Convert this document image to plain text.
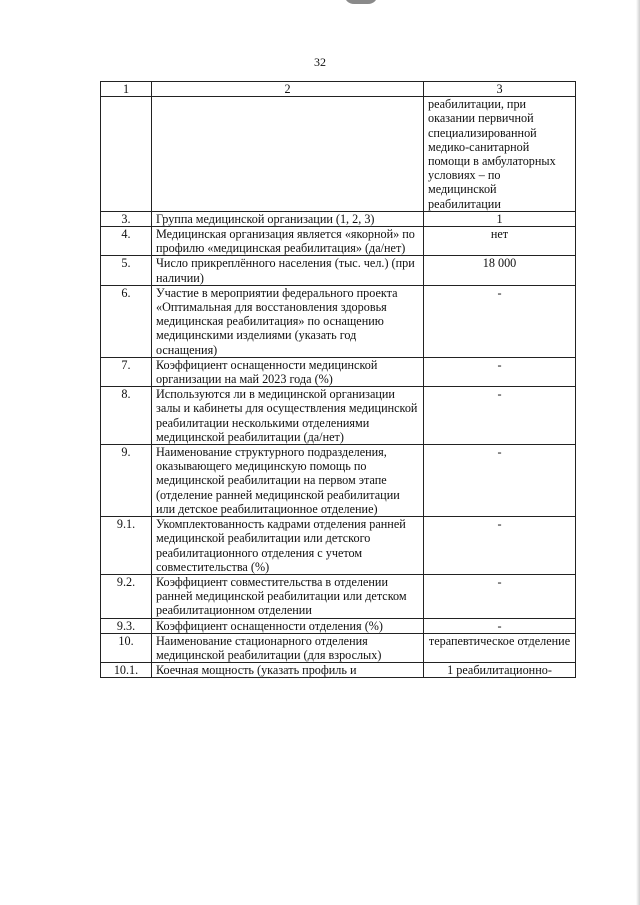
32
1	2	3
		реабилитации, при оказании первичной специализированной медико-санитарной помощи в амбулаторных условиях – по медицинской реабилитации
3.	Группа медицинской организации (1, 2, 3)	1
4.	Медицинская организация является «якорной» по профилю «медицинская реабилитация» (да/нет)	нет
5.	Число прикреплённого населения (тыс. чел.) (при наличии)	18 000
6.	Участие в мероприятии федерального проекта «Оптимальная для восстановления здоровья медицинская реабилитация» по оснащению медицинскими изделиями (указать год оснащения)	-
7.	Коэффициент оснащенности медицинской организации на май 2023 года (%)	-
8.	Используются ли в медицинской организации залы и кабинеты для осуществления медицинской реабилитации несколькими отделениями медицинской реабилитации (да/нет)	-
9.	Наименование структурного подразделения, оказывающего медицинскую помощь по медицинской реабилитации на первом этапе (отделение ранней медицинской реабилитации или детское реабилитационное отделение)	-
9.1.	Укомплектованность кадрами отделения ранней медицинской реабилитации или детского реабилитационного отделения с учетом совместительства (%)	-
9.2.	Коэффициент совместительства в отделении ранней медицинской реабилитации или детском реабилитационном отделении	-
9.3.	Коэффициент оснащенности отделения (%)	-
10.	Наименование стационарного отделения медицинской реабилитации (для взрослых)	терапевтическое отделение
10.1.	Коечная мощность (указать профиль и	1 реабилитационно-
